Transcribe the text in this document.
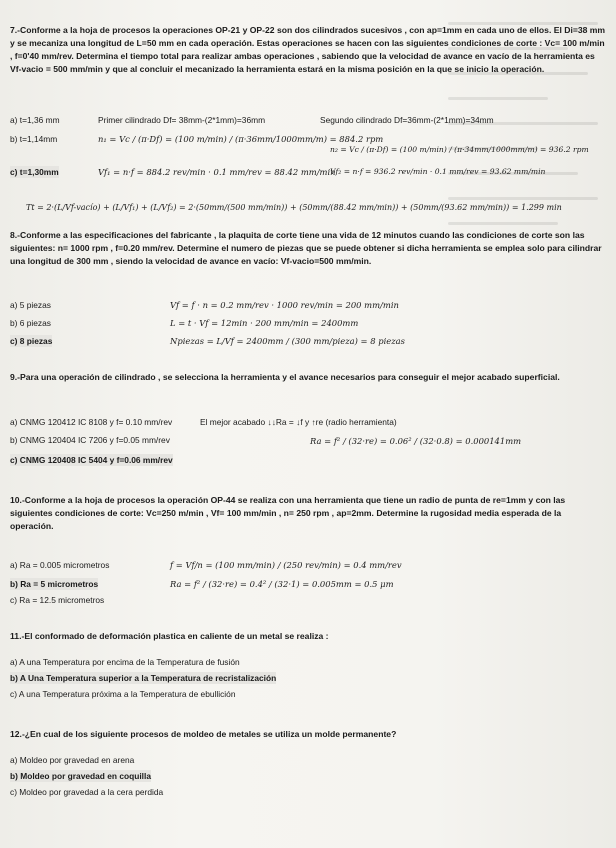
7.-Conforme a la hoja de procesos la operaciones OP-21 y OP-22 son dos cilindrados sucesivos , con ap=1mm en cada uno de ellos. El Di=38 mm y se mecaniza una longitud de L=50 mm en cada operación. Estas operaciones se hacen con las siguientes condiciones de corte : Vc= 100 m/min , f=0'40 mm/rev. Determina el tiempo total para realizar ambas operaciones , sabiendo que la velocidad de avance en vacío de la herramienta es Vf-vacio = 500 mm/min y que al concluir el mecanizado la herramienta estará en la misma posición en la que se inicio la operación.

a) t=1,36 mm	Primer cilindrado Df= 38mm-(2*1mm)=36mm	Segundo cilindrado Df=36mm-(2*1mm)=34mm
b) t=1,14mm	n₁ = Vc / (π·Df) = (100 m/min) / (π·36mm/1000mm/m) = 884.2 rpm
n₂ = Vc / (π·Df) = (100 m/min) / (π·34mm/1000mm/m) = 936.2 rpm
c) t=1,30mm	Vf₁ = n·f = 884.2 rev/min · 0.1 mm/rev = 88.42 mm/min
Vf₂ = n·f = 936.2 rev/min · 0.1 mm/rev = 93.62 mm/min
Tt = 2·(L/Vf-vacío) + (L/Vf₁) + (L/Vf₂) = 2·(50mm/(500 mm/min)) + (50mm/(88.42 mm/min)) + (50mm/(93.62 mm/min)) = 1.299 min

8.-Conforme a las especificaciones del fabricante , la plaquita de corte tiene una vida de 12 minutos cuando las condiciones de corte son las siguientes: n= 1000 rpm , f=0.20 mm/rev. Determine el numero de piezas que se puede obtener si dicha herramienta se emplea solo para cilindrar una longitud de 300 mm , siendo la velocidad de avance en vacío: Vf-vacio=500 mm/min.

a) 5 piezas	Vf = f · n = 0.2 mm/rev · 1000 rev/min = 200 mm/min
b) 6 piezas	L = t · Vf = 12min · 200 mm/min = 2400mm
c) 8 piezas	Npiezas = L/Vf = 2400mm / (300 mm/pieza) = 8 piezas

9.-Para una operación de cilindrado , se selecciona la herramienta y el avance necesarios para conseguir el mejor acabado superficial.

a) CNMG 120412 IC 8108 y f= 0.10 mm/rev	El mejor acabado ↓↓Ra = ↓f y ↑re (radio herramienta)
b) CNMG 120404 IC 7206 y f=0.05 mm/rev	Ra = f² / (32·re) = 0.06² / (32·0.8) = 0.000141mm
c) CNMG 120408 IC 5404 y f=0.06 mm/rev

10.-Conforme a la hoja de procesos la operación OP-44 se realiza con una herramienta que tiene un radio de punta de re=1mm y con las siguientes condiciones de corte: Vc=250 m/min , Vf= 100 mm/min , n= 250 rpm , ap=2mm. Determine la rugosidad media esperada de la operación.

a) Ra = 0.005 micrometros	f = Vf/n = (100 mm/min) / (250 rev/min) = 0.4 mm/rev
b) Ra = 5 micrometros	Ra = f² / (32·re) = 0.4² / (32·1) = 0.005mm = 0.5 μm
c) Ra = 12.5 micrometros

11.-El conformado de deformación plastica en caliente de un metal se realiza :

a) A una Temperatura por encima de la Temperatura de fusión
b) A Una Temperatura superior a la Temperatura de recristalización
c) A una Temperatura próxima a la Temperatura de ebullición

12.-¿En cual de los siguiente procesos de moldeo de metales se utiliza un molde permanente?

a) Moldeo por gravedad en arena
b) Moldeo por gravedad en coquilla
c) Moldeo por gravedad a la cera perdida
